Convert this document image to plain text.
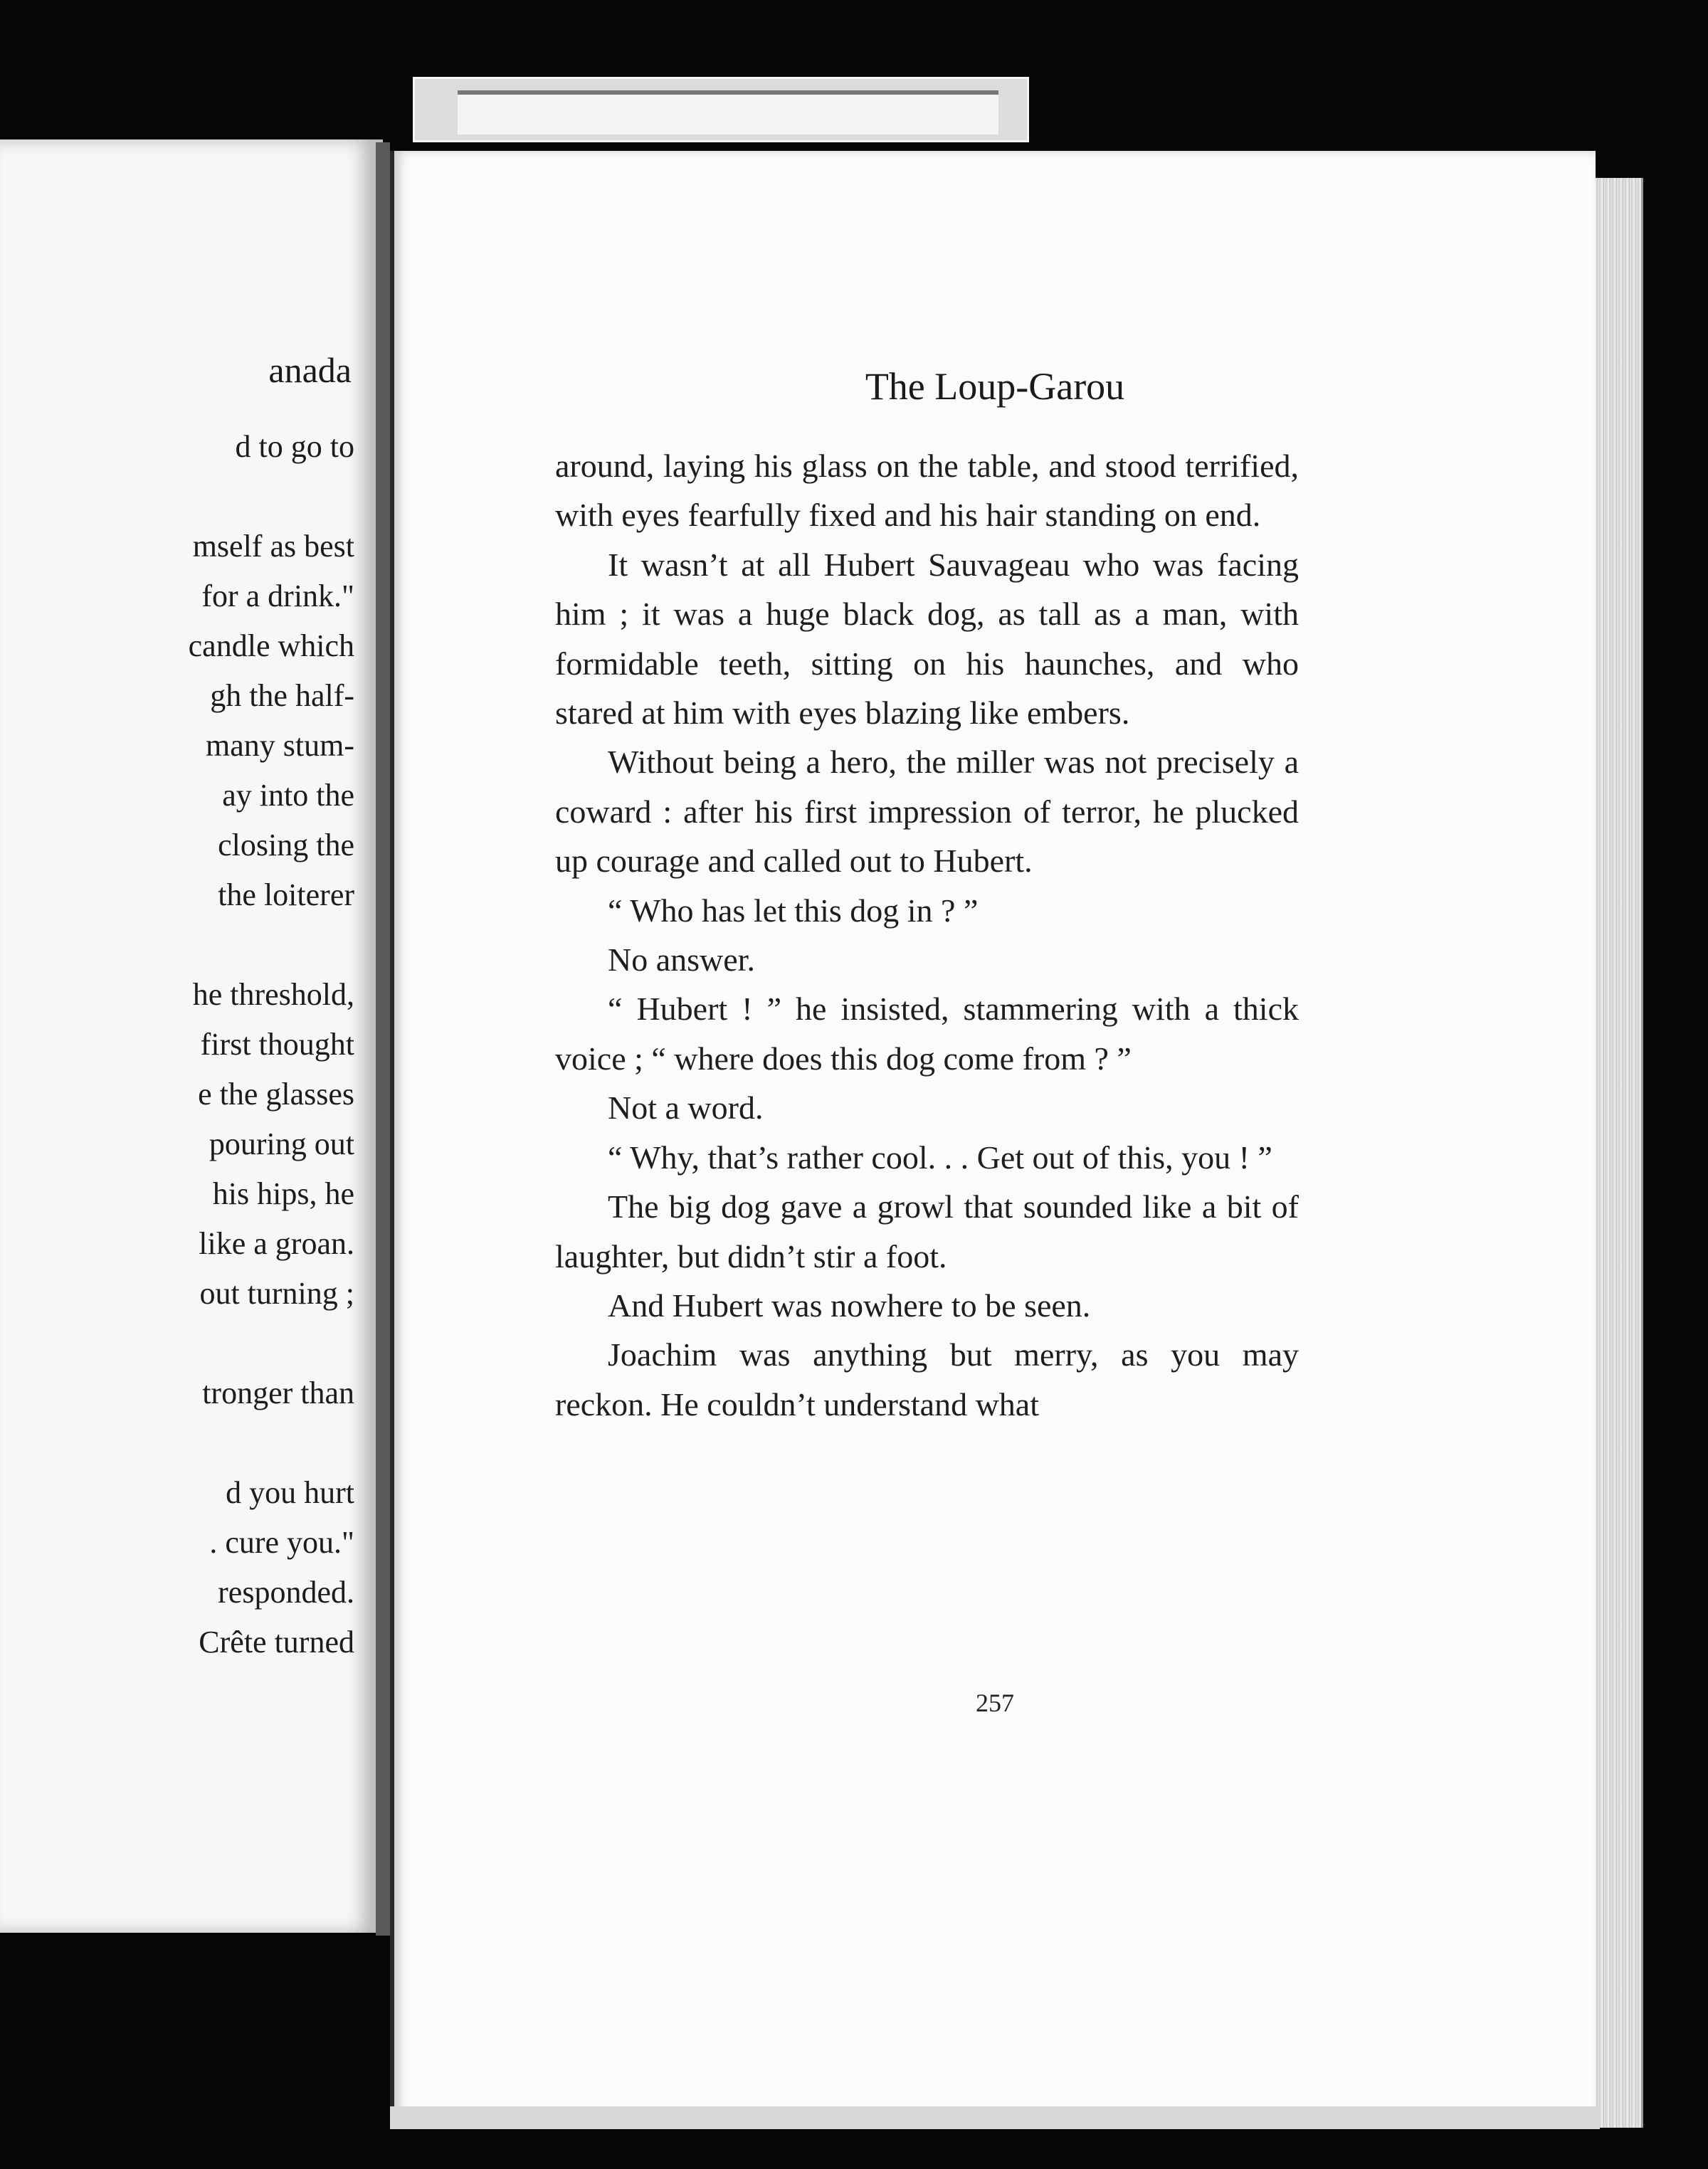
anada
d to go to
mself as best
for a drink."
candle which
gh the half-
many stum-
ay into the
closing the
the loiterer
he threshold,
first thought
e the glasses
pouring out
his hips, he
like a groan.
out turning ;
tronger than
d you hurt
. cure you."
responded.
Crête turned
The Loup-Garou

around, laying his glass on the table, and stood terrified, with eyes fearfully fixed and his hair standing on end.

It wasn’t at all Hubert Sauvageau who was facing him ; it was a huge black dog, as tall as a man, with formidable teeth, sitting on his haunches, and who stared at him with eyes blazing like embers.

Without being a hero, the miller was not precisely a coward : after his first impression of terror, he plucked up courage and called out to Hubert.

“ Who has let this dog in ? ”

No answer.

“ Hubert ! ” he insisted, stammering with a thick voice ; “ where does this dog come from ? ”

Not a word.

“ Why, that’s rather cool. . . Get out of this, you ! ”

The big dog gave a growl that sounded like a bit of laughter, but didn’t stir a foot.

And Hubert was nowhere to be seen.

Joachim was anything but merry, as you may reckon. He couldn’t understand what

257
